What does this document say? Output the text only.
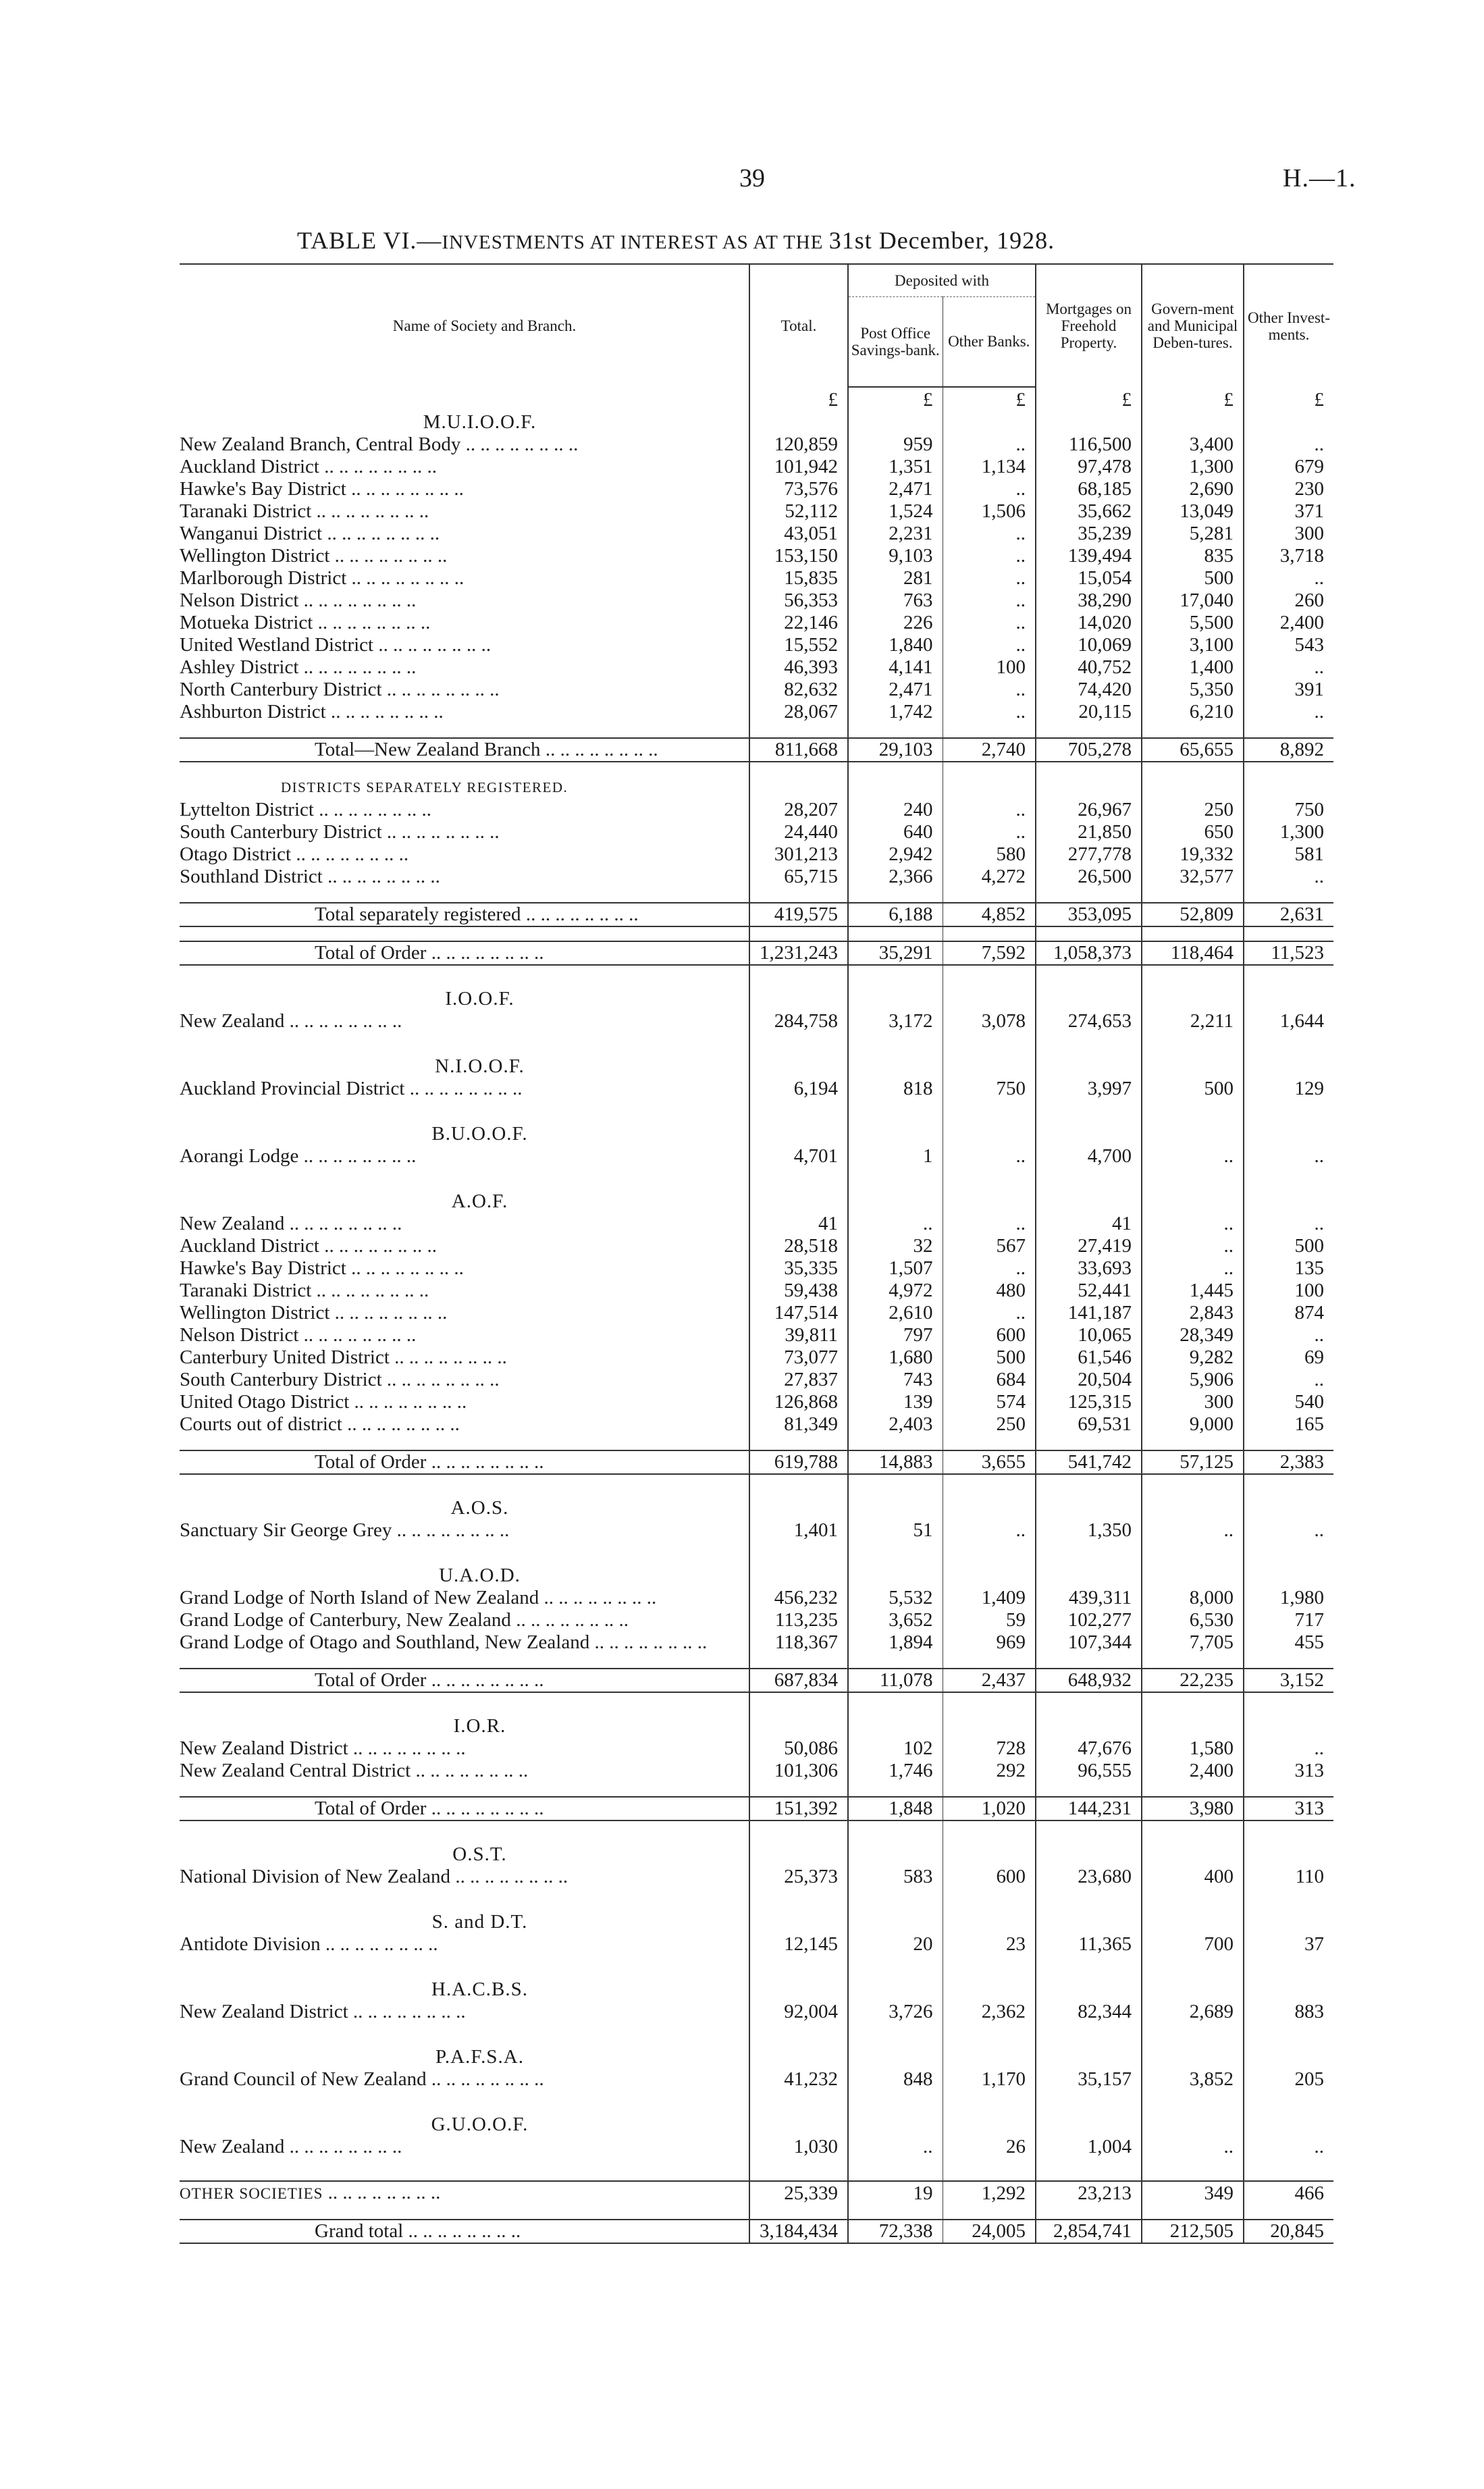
39	H.—1.
TABLE VI.—INVESTMENTS AT INTEREST AS AT THE 31st December, 1928.
Name of Society and Branch.	Total.	Deposited with		Mortgages on Freehold Property.	Govern-ment and Municipal Deben-tures.	Other Invest-ments.
		Post Office Savings-bank.	Other Banks.			
	£	£	£	£	£	£
M.U.I.O.O.F.						
New Zealand Branch, Central Body .. .. .. .. .. .. .. ..	120,859	959	..	116,500	3,400	..
Auckland District .. .. .. .. .. .. .. ..	101,942	1,351	1,134	97,478	1,300	679
Hawke's Bay District .. .. .. .. .. .. .. ..	73,576	2,471	..	68,185	2,690	230
Taranaki District .. .. .. .. .. .. .. ..	52,112	1,524	1,506	35,662	13,049	371
Wanganui District .. .. .. .. .. .. .. ..	43,051	2,231	..	35,239	5,281	300
Wellington District .. .. .. .. .. .. .. ..	153,150	9,103	..	139,494	835	3,718
Marlborough District .. .. .. .. .. .. .. ..	15,835	281	..	15,054	500	..
Nelson District .. .. .. .. .. .. .. ..	56,353	763	..	38,290	17,040	260
Motueka District .. .. .. .. .. .. .. ..	22,146	226	..	14,020	5,500	2,400
United Westland District .. .. .. .. .. .. .. ..	15,552	1,840	..	10,069	3,100	543
Ashley District .. .. .. .. .. .. .. ..	46,393	4,141	100	40,752	1,400	..
North Canterbury District .. .. .. .. .. .. .. ..	82,632	2,471	..	74,420	5,350	391
Ashburton District .. .. .. .. .. .. .. ..	28,067	1,742	..	20,115	6,210	..

Total—New Zealand Branch .. .. .. .. .. .. .. ..	811,668	29,103	2,740	705,278	65,655	8,892

DISTRICTS SEPARATELY REGISTERED.						
Lyttelton District .. .. .. .. .. .. .. ..	28,207	240	..	26,967	250	750
South Canterbury District .. .. .. .. .. .. .. ..	24,440	640	..	21,850	650	1,300
Otago District .. .. .. .. .. .. .. ..	301,213	2,942	580	277,778	19,332	581
Southland District .. .. .. .. .. .. .. ..	65,715	2,366	4,272	26,500	32,577	..

Total separately registered .. .. .. .. .. .. .. ..	419,575	6,188	4,852	353,095	52,809	2,631

Total of Order .. .. .. .. .. .. .. ..	1,231,243	35,291	7,592	1,058,373	118,464	11,523

I.O.O.F.						
New Zealand .. .. .. .. .. .. .. ..	284,758	3,172	3,078	274,653	2,211	1,644

N.I.O.O.F.						
Auckland Provincial District .. .. .. .. .. .. .. ..	6,194	818	750	3,997	500	129

B.U.O.O.F.						
Aorangi Lodge .. .. .. .. .. .. .. ..	4,701	1	..	4,700	..	..

A.O.F.						
New Zealand .. .. .. .. .. .. .. ..	41	..	..	41	..	..
Auckland District .. .. .. .. .. .. .. ..	28,518	32	567	27,419	..	500
Hawke's Bay District .. .. .. .. .. .. .. ..	35,335	1,507	..	33,693	..	135
Taranaki District .. .. .. .. .. .. .. ..	59,438	4,972	480	52,441	1,445	100
Wellington District .. .. .. .. .. .. .. ..	147,514	2,610	..	141,187	2,843	874
Nelson District .. .. .. .. .. .. .. ..	39,811	797	600	10,065	28,349	..
Canterbury United District .. .. .. .. .. .. .. ..	73,077	1,680	500	61,546	9,282	69
South Canterbury District .. .. .. .. .. .. .. ..	27,837	743	684	20,504	5,906	..
United Otago District .. .. .. .. .. .. .. ..	126,868	139	574	125,315	300	540
Courts out of district .. .. .. .. .. .. .. ..	81,349	2,403	250	69,531	9,000	165

Total of Order .. .. .. .. .. .. .. ..	619,788	14,883	3,655	541,742	57,125	2,383

A.O.S.						
Sanctuary Sir George Grey .. .. .. .. .. .. .. ..	1,401	51	..	1,350	..	..

U.A.O.D.						
Grand Lodge of North Island of New Zealand .. .. .. .. .. .. .. ..	456,232	5,532	1,409	439,311	8,000	1,980
Grand Lodge of Canterbury, New Zealand .. .. .. .. .. .. .. ..	113,235	3,652	59	102,277	6,530	717
Grand Lodge of Otago and Southland, New Zealand .. .. .. .. .. .. .. ..	118,367	1,894	969	107,344	7,705	455

Total of Order .. .. .. .. .. .. .. ..	687,834	11,078	2,437	648,932	22,235	3,152

I.O.R.						
New Zealand District .. .. .. .. .. .. .. ..	50,086	102	728	47,676	1,580	..
New Zealand Central District .. .. .. .. .. .. .. ..	101,306	1,746	292	96,555	2,400	313

Total of Order .. .. .. .. .. .. .. ..	151,392	1,848	1,020	144,231	3,980	313

O.S.T.						
National Division of New Zealand .. .. .. .. .. .. .. ..	25,373	583	600	23,680	400	110

S. and D.T.						
Antidote Division .. .. .. .. .. .. .. ..	12,145	20	23	11,365	700	37

H.A.C.B.S.						
New Zealand District .. .. .. .. .. .. .. ..	92,004	3,726	2,362	82,344	2,689	883

P.A.F.S.A.						
Grand Council of New Zealand .. .. .. .. .. .. .. ..	41,232	848	1,170	35,157	3,852	205

G.U.O.O.F.						
New Zealand .. .. .. .. .. .. .. ..	1,030	..	26	1,004	..	..

OTHER SOCIETIES .. .. .. .. .. .. .. ..	25,339	19	1,292	23,213	349	466

Grand total .. .. .. .. .. .. .. ..	3,184,434	72,338	24,005	2,854,741	212,505	20,845
